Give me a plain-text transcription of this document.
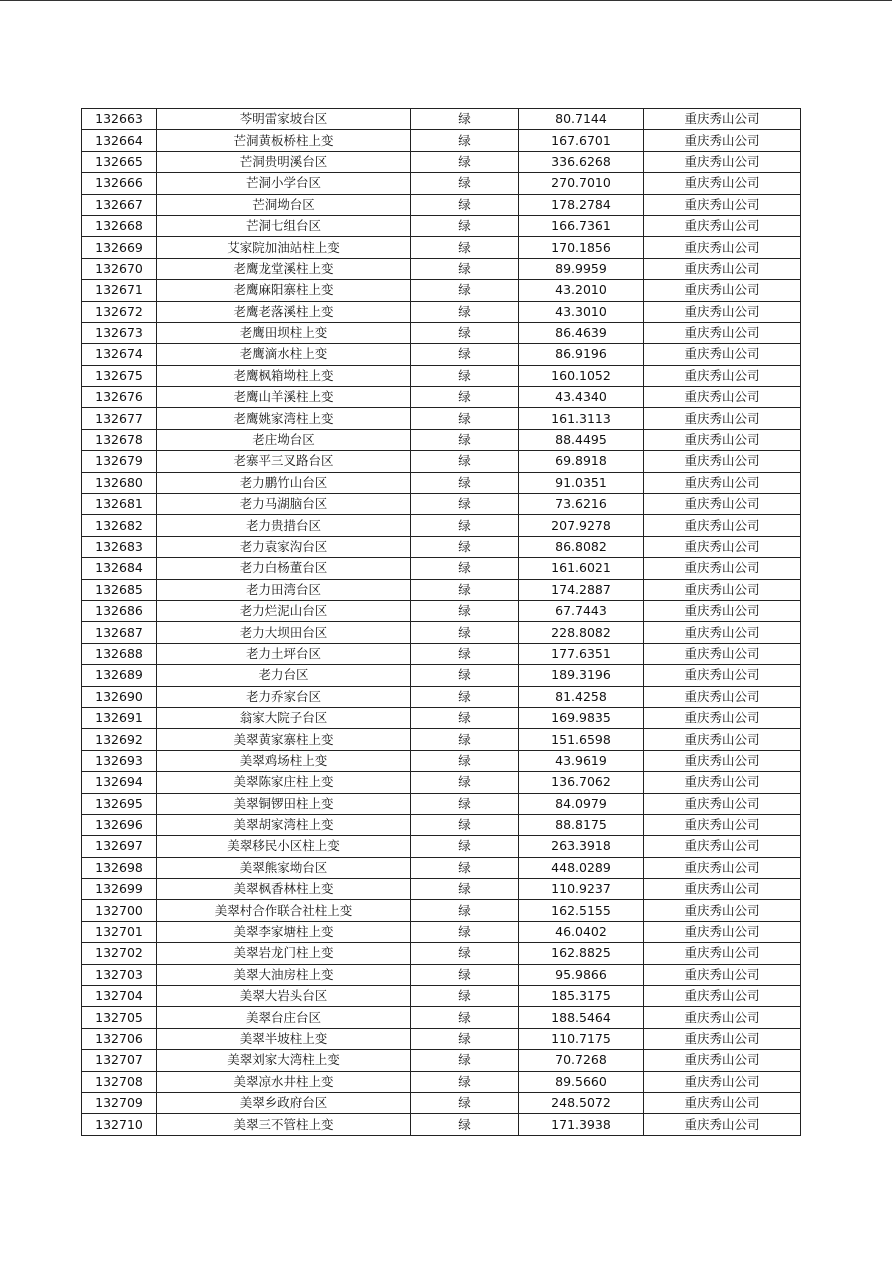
132663	芩明雷家坡台区	绿	80.7144	重庆秀山公司
132664	芒洞黄板桥柱上变	绿	167.6701	重庆秀山公司
132665	芒洞贵明溪台区	绿	336.6268	重庆秀山公司
132666	芒洞小学台区	绿	270.7010	重庆秀山公司
132667	芒洞坳台区	绿	178.2784	重庆秀山公司
132668	芒洞七组台区	绿	166.7361	重庆秀山公司
132669	艾家院加油站柱上变	绿	170.1856	重庆秀山公司
132670	老鹰龙堂溪柱上变	绿	89.9959	重庆秀山公司
132671	老鹰麻阳寨柱上变	绿	43.2010	重庆秀山公司
132672	老鹰老落溪柱上变	绿	43.3010	重庆秀山公司
132673	老鹰田坝柱上变	绿	86.4639	重庆秀山公司
132674	老鹰滴水柱上变	绿	86.9196	重庆秀山公司
132675	老鹰枫箱坳柱上变	绿	160.1052	重庆秀山公司
132676	老鹰山羊溪柱上变	绿	43.4340	重庆秀山公司
132677	老鹰姚家湾柱上变	绿	161.3113	重庆秀山公司
132678	老庄坳台区	绿	88.4495	重庆秀山公司
132679	老寨平三叉路台区	绿	69.8918	重庆秀山公司
132680	老力鹏竹山台区	绿	91.0351	重庆秀山公司
132681	老力马湖脑台区	绿	73.6216	重庆秀山公司
132682	老力贵措台区	绿	207.9278	重庆秀山公司
132683	老力袁家沟台区	绿	86.8082	重庆秀山公司
132684	老力白杨董台区	绿	161.6021	重庆秀山公司
132685	老力田湾台区	绿	174.2887	重庆秀山公司
132686	老力烂泥山台区	绿	67.7443	重庆秀山公司
132687	老力大坝田台区	绿	228.8082	重庆秀山公司
132688	老力土坪台区	绿	177.6351	重庆秀山公司
132689	老力台区	绿	189.3196	重庆秀山公司
132690	老力乔家台区	绿	81.4258	重庆秀山公司
132691	翁家大院子台区	绿	169.9835	重庆秀山公司
132692	美翠黄家寨柱上变	绿	151.6598	重庆秀山公司
132693	美翠鸡场柱上变	绿	43.9619	重庆秀山公司
132694	美翠陈家庄柱上变	绿	136.7062	重庆秀山公司
132695	美翠铜锣田柱上变	绿	84.0979	重庆秀山公司
132696	美翠胡家湾柱上变	绿	88.8175	重庆秀山公司
132697	美翠移民小区柱上变	绿	263.3918	重庆秀山公司
132698	美翠熊家坳台区	绿	448.0289	重庆秀山公司
132699	美翠枫香林柱上变	绿	110.9237	重庆秀山公司
132700	美翠村合作联合社柱上变	绿	162.5155	重庆秀山公司
132701	美翠李家塘柱上变	绿	46.0402	重庆秀山公司
132702	美翠岩龙门柱上变	绿	162.8825	重庆秀山公司
132703	美翠大油房柱上变	绿	95.9866	重庆秀山公司
132704	美翠大岩头台区	绿	185.3175	重庆秀山公司
132705	美翠台庄台区	绿	188.5464	重庆秀山公司
132706	美翠半坡柱上变	绿	110.7175	重庆秀山公司
132707	美翠刘家大湾柱上变	绿	70.7268	重庆秀山公司
132708	美翠凉水井柱上变	绿	89.5660	重庆秀山公司
132709	美翠乡政府台区	绿	248.5072	重庆秀山公司
132710	美翠三不管柱上变	绿	171.3938	重庆秀山公司
